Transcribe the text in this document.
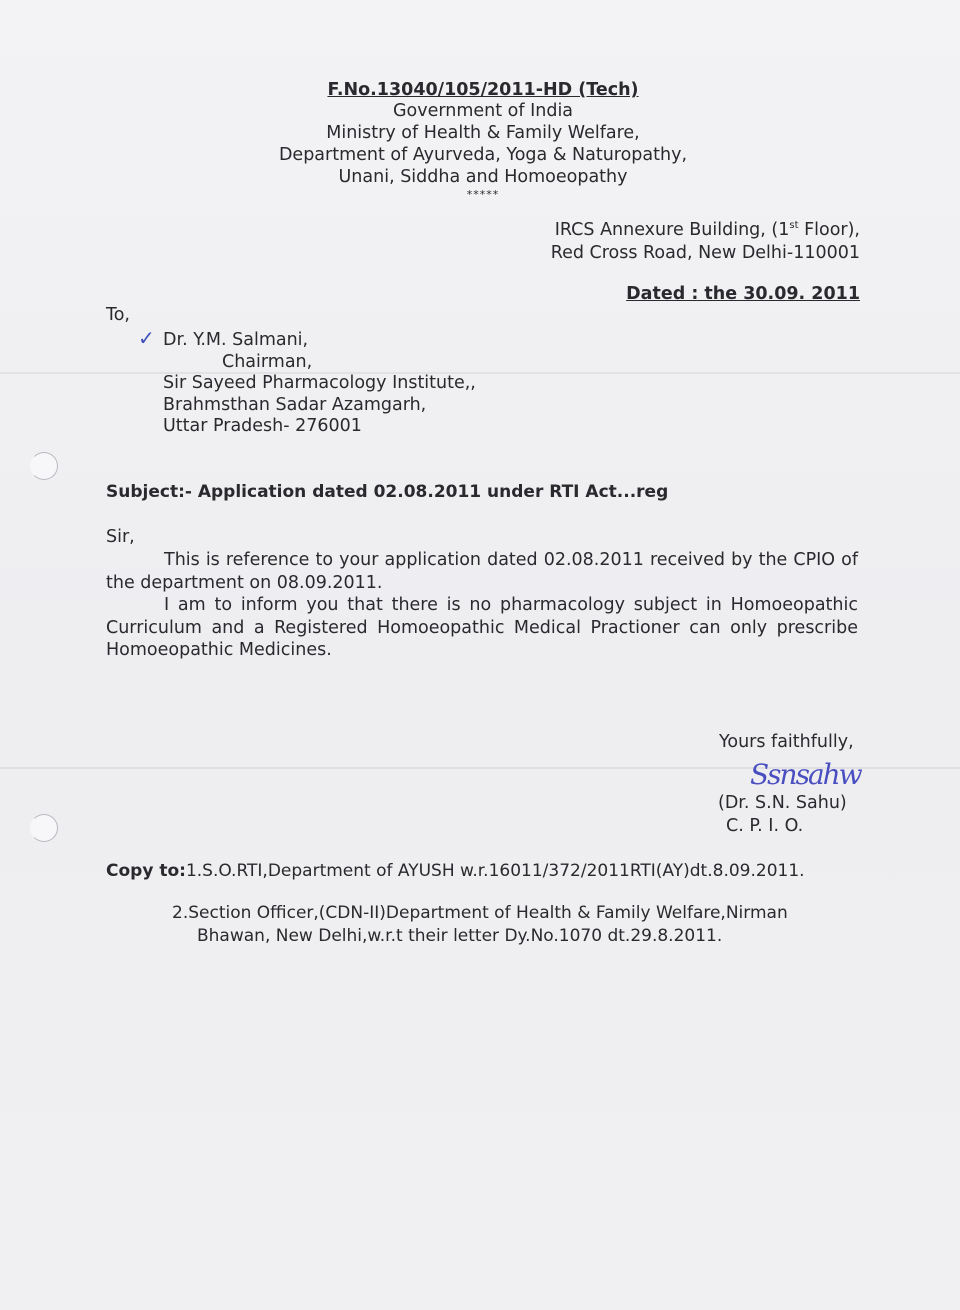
F.No.13040/105/2011-HD (Tech)
Government of India
Ministry of Health & Family Welfare,
Department of Ayurveda, Yoga & Naturopathy,
Unani, Siddha and Homoeopathy
*****
IRCS Annexure Building, (1st Floor),
Red Cross Road, New Delhi-110001
Dated : the 30.09. 2011
To,
✓ Dr. Y.M. Salmani,
Chairman,
Sir Sayeed Pharmacology Institute,,
Brahmsthan Sadar Azamgarh,
Uttar Pradesh- 276001
Subject:- Application dated 02.08.2011 under RTI Act...reg
Sir,
This is reference to your application dated 02.08.2011 received by the CPIO of the department on 08.09.2011.
I am to inform you that there is no pharmacology subject in Homoeopathic Curriculum and a Registered Homoeopathic Medical Practioner can only prescribe Homoeopathic Medicines.
Yours faithfully,
Ssnsahw
(Dr. S.N. Sahu)
C. P. I. O.
Copy to:1.S.O.RTI,Department of AYUSH w.r.16011/372/2011RTI(AY)dt.8.09.2011.
2.Section Officer,(CDN-II)Department of Health & Family Welfare,Nirman
Bhawan, New Delhi,w.r.t their letter Dy.No.1070 dt.29.8.2011.
